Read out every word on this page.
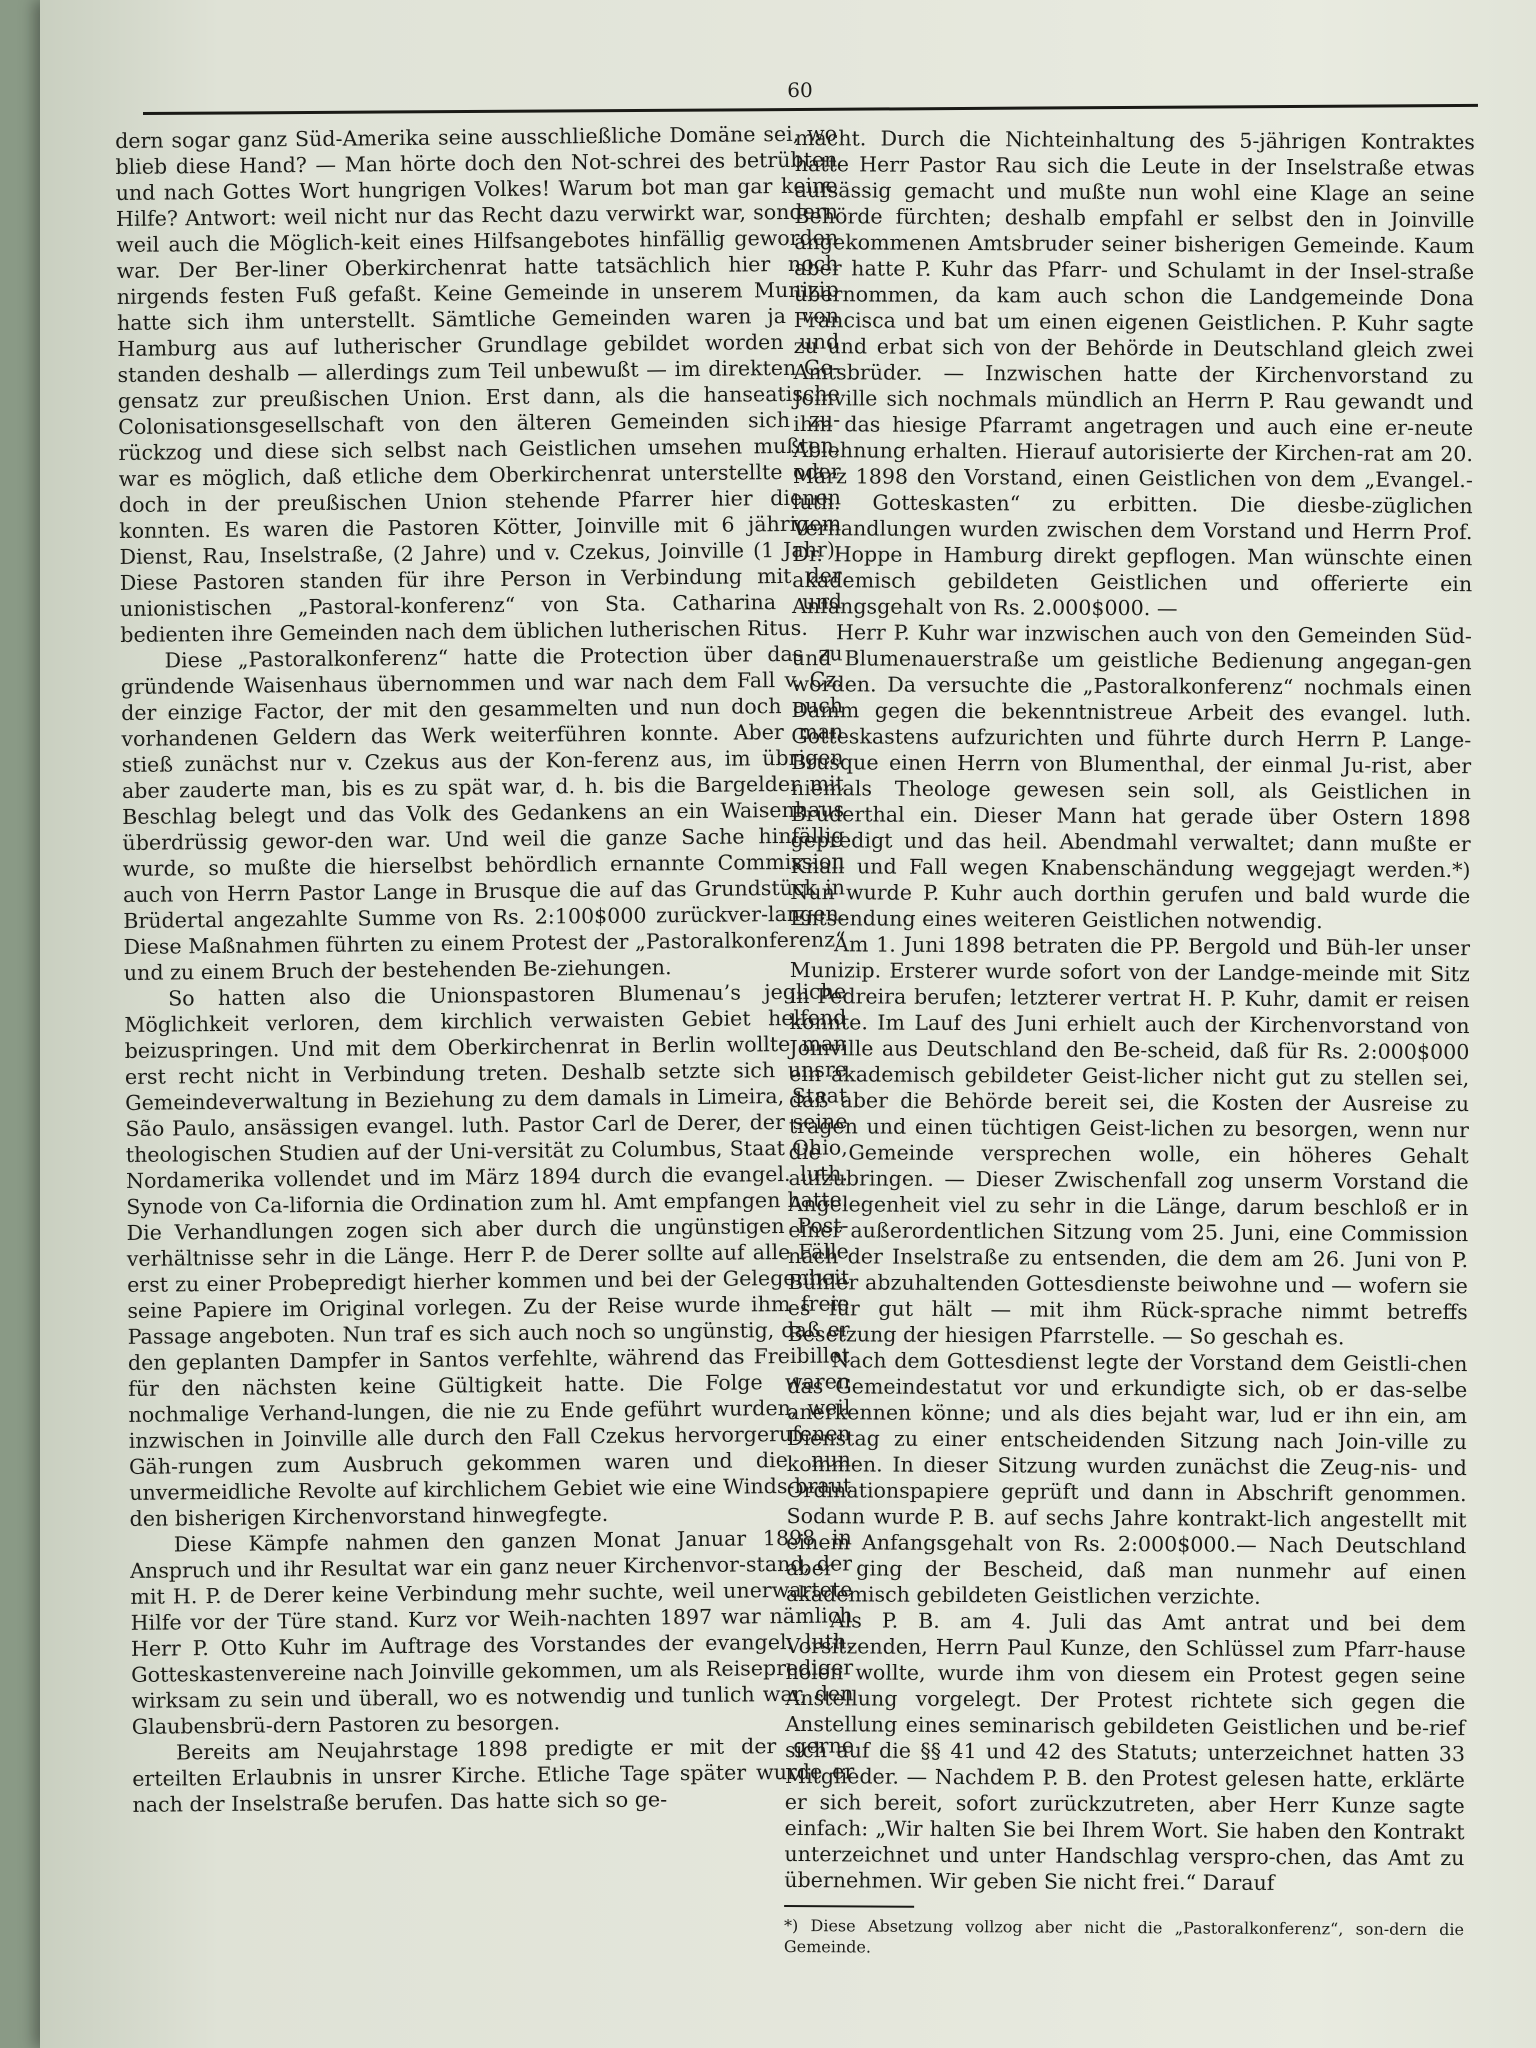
60

dern sogar ganz Süd-Amerika seine ausschließliche Domäne sei, wo blieb diese Hand? — Man hörte doch den Not-schrei des betrübten und nach Gottes Wort hungrigen Volkes! Warum bot man gar keine Hilfe? Antwort: weil nicht nur das Recht dazu verwirkt war, sondern weil auch die Möglich-keit eines Hilfsangebotes hinfällig geworden war. Der Ber-liner Oberkirchenrat hatte tatsächlich hier noch nirgends festen Fuß gefaßt. Keine Gemeinde in unserem Munizip hatte sich ihm unterstellt. Sämtliche Gemeinden waren ja von Hamburg aus auf lutherischer Grundlage gebildet worden und standen deshalb — allerdings zum Teil unbewußt — im direkten Ge-gensatz zur preußischen Union. Erst dann, als die hanseatische Colonisationsgesellschaft von den älteren Gemeinden sich zu-rückzog und diese sich selbst nach Geistlichen umsehen mußten, war es möglich, daß etliche dem Oberkirchenrat unterstellte oder doch in der preußischen Union stehende Pfarrer hier dienen konnten. Es waren die Pastoren Kötter, Joinville mit 6 jährigem Dienst, Rau, Inselstraße, (2 Jahre) und v. Czekus, Joinville (1 Jahr). Diese Pastoren standen für ihre Person in Verbindung mit der unionistischen „Pastoral-konferenz“ von Sta. Catharina und bedienten ihre Gemeinden nach dem üblichen lutherischen Ritus.

Diese „Pastoralkonferenz“ hatte die Protection über das zu gründende Waisenhaus übernommen und war nach dem Fall v. Cz. der einzige Factor, der mit den gesammelten und nun doch auch vorhandenen Geldern das Werk weiterführen konnte. Aber man stieß zunächst nur v. Czekus aus der Kon-ferenz aus, im übrigen aber zauderte man, bis es zu spät war, d. h. bis die Bargelder mit Beschlag belegt und das Volk des Gedankens an ein Waisenhaus überdrüssig gewor-den war. Und weil die ganze Sache hinfällig wurde, so mußte die hierselbst behördlich ernannte Commission auch von Herrn Pastor Lange in Brusque die auf das Grundstück in Brüdertal angezahlte Summe von Rs. 2:100$000 zurückver-langen. Diese Maßnahmen führten zu einem Protest der „Pastoralkonferenz“ und zu einem Bruch der bestehenden Be-ziehungen.

So hatten also die Unionspastoren Blumenau’s jegliche Möglichkeit verloren, dem kirchlich verwaisten Gebiet helfend beizuspringen. Und mit dem Oberkirchenrat in Berlin wollte man erst recht nicht in Verbindung treten. Deshalb setzte sich unsre Gemeindeverwaltung in Beziehung zu dem damals in Limeira, Staat São Paulo, ansässigen evangel. luth. Pastor Carl de Derer, der seine theologischen Studien auf der Uni-versität zu Columbus, Staat Ohio, Nordamerika vollendet und im März 1894 durch die evangel. luth. Synode von Ca-lifornia die Ordination zum hl. Amt empfangen hatte. Die Verhandlungen zogen sich aber durch die ungünstigen Post-verhältnisse sehr in die Länge. Herr P. de Derer sollte auf alle Fälle erst zu einer Probepredigt hierher kommen und bei der Gelegenheit seine Papiere im Original vorlegen. Zu der Reise wurde ihm freie Passage angeboten. Nun traf es sich auch noch so ungünstig, daß er den geplanten Dampfer in Santos verfehlte, während das Freibillet für den nächsten keine Gültigkeit hatte. Die Folge waren nochmalige Verhand-lungen, die nie zu Ende geführt wurden, weil inzwischen in Joinville alle durch den Fall Czekus hervorgerufenen Gäh-rungen zum Ausbruch gekommen waren und die nun unvermeidliche Revolte auf kirchlichem Gebiet wie eine Winds-braut den bisherigen Kirchenvorstand hinwegfegte.

Diese Kämpfe nahmen den ganzen Monat Januar 1898 in Anspruch und ihr Resultat war ein ganz neuer Kirchenvor-stand, der mit H. P. de Derer keine Verbindung mehr suchte, weil unerwartete Hilfe vor der Türe stand. Kurz vor Weih-nachten 1897 war nämlich Herr P. Otto Kuhr im Auftrage des Vorstandes der evangel. luth. Gotteskastenvereine nach Joinville gekommen, um als Reiseprediger wirksam zu sein und überall, wo es notwendig und tunlich war, den Glaubensbrü-dern Pastoren zu besorgen.

Bereits am Neujahrstage 1898 predigte er mit der gerne erteilten Erlaubnis in unsrer Kirche. Etliche Tage später wurde er nach der Inselstraße berufen. Das hatte sich so ge-

macht. Durch die Nichteinhaltung des 5-jährigen Kontraktes hatte Herr Pastor Rau sich die Leute in der Inselstraße etwas aufsässig gemacht und mußte nun wohl eine Klage an seine Behörde fürchten; deshalb empfahl er selbst den in Joinville angekommenen Amtsbruder seiner bisherigen Gemeinde. Kaum aber hatte P. Kuhr das Pfarr- und Schulamt in der Insel-straße übernommen, da kam auch schon die Landgemeinde Dona Francisca und bat um einen eigenen Geistlichen. P. Kuhr sagte zu und erbat sich von der Behörde in Deutschland gleich zwei Amtsbrüder. — Inzwischen hatte der Kirchenvorstand zu Joinville sich nochmals mündlich an Herrn P. Rau gewandt und ihm das hiesige Pfarramt angetragen und auch eine er-neute Ablehnung erhalten. Hierauf autorisierte der Kirchen-rat am 20. März 1898 den Vorstand, einen Geistlichen von dem „Evangel.-luth. Gotteskasten“ zu erbitten. Die diesbe-züglichen Verhandlungen wurden zwischen dem Vorstand und Herrn Prof. Dr. Hoppe in Hamburg direkt gepflogen. Man wünschte einen akademisch gebildeten Geistlichen und offerierte ein Anfangsgehalt von Rs. 2.000$000. —

Herr P. Kuhr war inzwischen auch von den Gemeinden Süd- und Blumenauerstraße um geistliche Bedienung angegan-gen worden. Da versuchte die „Pastoralkonferenz“ nochmals einen Damm gegen die bekenntnistreue Arbeit des evangel. luth. Gotteskastens aufzurichten und führte durch Herrn P. Lange-Brusque einen Herrn von Blumenthal, der einmal Ju-rist, aber niemals Theologe gewesen sein soll, als Geistlichen in Brüderthal ein. Dieser Mann hat gerade über Ostern 1898 gepredigt und das heil. Abendmahl verwaltet; dann mußte er Knall und Fall wegen Knabenschändung weggejagt werden.*) Nun wurde P. Kuhr auch dorthin gerufen und bald wurde die Entsendung eines weiteren Geistlichen notwendig.

Am 1. Juni 1898 betraten die PP. Bergold und Büh-ler unser Munizip. Ersterer wurde sofort von der Landge-meinde mit Sitz in Pedreira berufen; letzterer vertrat H. P. Kuhr, damit er reisen konnte. Im Lauf des Juni erhielt auch der Kirchenvorstand von Joinville aus Deutschland den Be-scheid, daß für Rs. 2:000$000 ein akademisch gebildeter Geist-licher nicht gut zu stellen sei, daß aber die Behörde bereit sei, die Kosten der Ausreise zu tragen und einen tüchtigen Geist-lichen zu besorgen, wenn nur die Gemeinde versprechen wolle, ein höheres Gehalt aufzubringen. — Dieser Zwischenfall zog unserm Vorstand die Angelegenheit viel zu sehr in die Länge, darum beschloß er in einer außerordentlichen Sitzung vom 25. Juni, eine Commission nach der Inselstraße zu entsenden, die dem am 26. Juni von P. Bühler abzuhaltenden Gottesdienste beiwohne und — wofern sie es für gut hält — mit ihm Rück-sprache nimmt betreffs Besetzung der hiesigen Pfarrstelle. — So geschah es.

Nach dem Gottesdienst legte der Vorstand dem Geistli-chen das Gemeindestatut vor und erkundigte sich, ob er das-selbe anerkennen könne; und als dies bejaht war, lud er ihn ein, am Dienstag zu einer entscheidenden Sitzung nach Join-ville zu kommen. In dieser Sitzung wurden zunächst die Zeug-nis- und Ordinationspapiere geprüft und dann in Abschrift genommen. Sodann wurde P. B. auf sechs Jahre kontrakt-lich angestellt mit einem Anfangsgehalt von Rs. 2:000$000.— Nach Deutschland aber ging der Bescheid, daß man nunmehr auf einen akademisch gebildeten Geistlichen verzichte.

Als P. B. am 4. Juli das Amt antrat und bei dem Vorsitzenden, Herrn Paul Kunze, den Schlüssel zum Pfarr-hause holen wollte, wurde ihm von diesem ein Protest gegen seine Anstellung vorgelegt. Der Protest richtete sich gegen die Anstellung eines seminarisch gebildeten Geistlichen und be-rief sich auf die §§ 41 und 42 des Statuts; unterzeichnet hatten 33 Mitglieder. — Nachdem P. B. den Protest gelesen hatte, erklärte er sich bereit, sofort zurückzutreten, aber Herr Kunze sagte einfach: „Wir halten Sie bei Ihrem Wort. Sie haben den Kontrakt unterzeichnet und unter Handschlag verspro-chen, das Amt zu übernehmen. Wir geben Sie nicht frei.“ Darauf

*) Diese Absetzung vollzog aber nicht die „Pastoralkonferenz“, son-dern die Gemeinde.
